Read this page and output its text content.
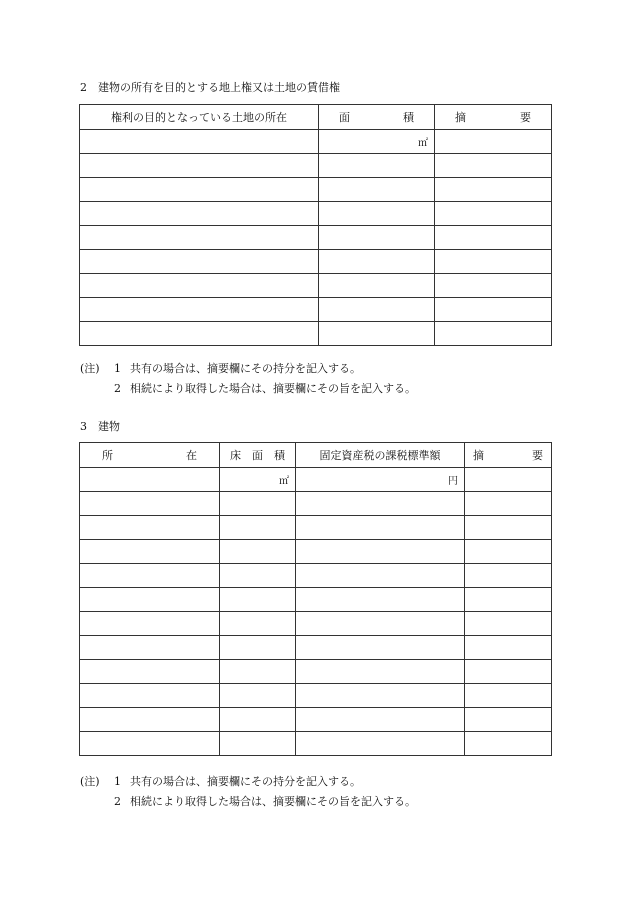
2　建物の所有を目的とする地上権又は土地の賃借権
権利の目的となっている土地の所在	面 積	摘 要

	㎡	

(注) 1 共有の場合は、摘要欄にその持分を記入する。
2 相続により取得した場合は、摘要欄にその旨を記入する。
3　建物
所 在	床　面　積	固定資産税の課税標準額	摘 要

	㎡	円	

(注) 1 共有の場合は、摘要欄にその持分を記入する。
2 相続により取得した場合は、摘要欄にその旨を記入する。
